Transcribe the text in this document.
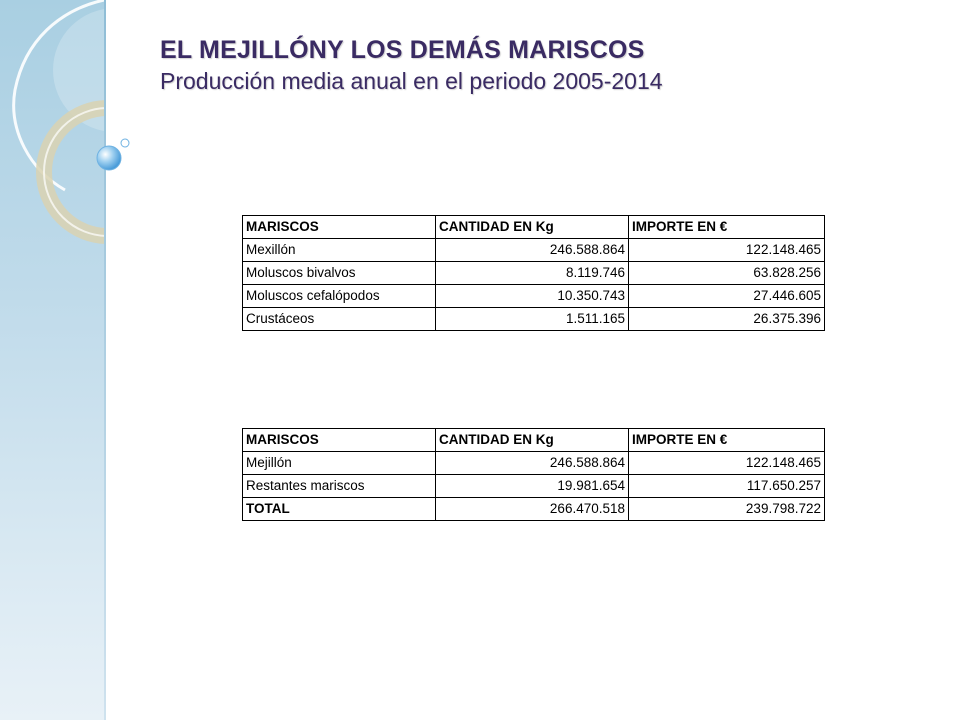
EL MEJILLÓNY LOS DEMÁS MARISCOS
Producción media anual en el periodo 2005-2014
MARISCOS	CANTIDAD EN Kg	IMPORTE EN €
Mexillón	246.588.864	122.148.465
Moluscos bivalvos	8.119.746	63.828.256
Moluscos cefalópodos	10.350.743	27.446.605
Crustáceos	1.511.165	26.375.396
MARISCOS	CANTIDAD EN Kg	IMPORTE EN €
Mejillón	246.588.864	122.148.465
Restantes mariscos	19.981.654	117.650.257
TOTAL	266.470.518	239.798.722
